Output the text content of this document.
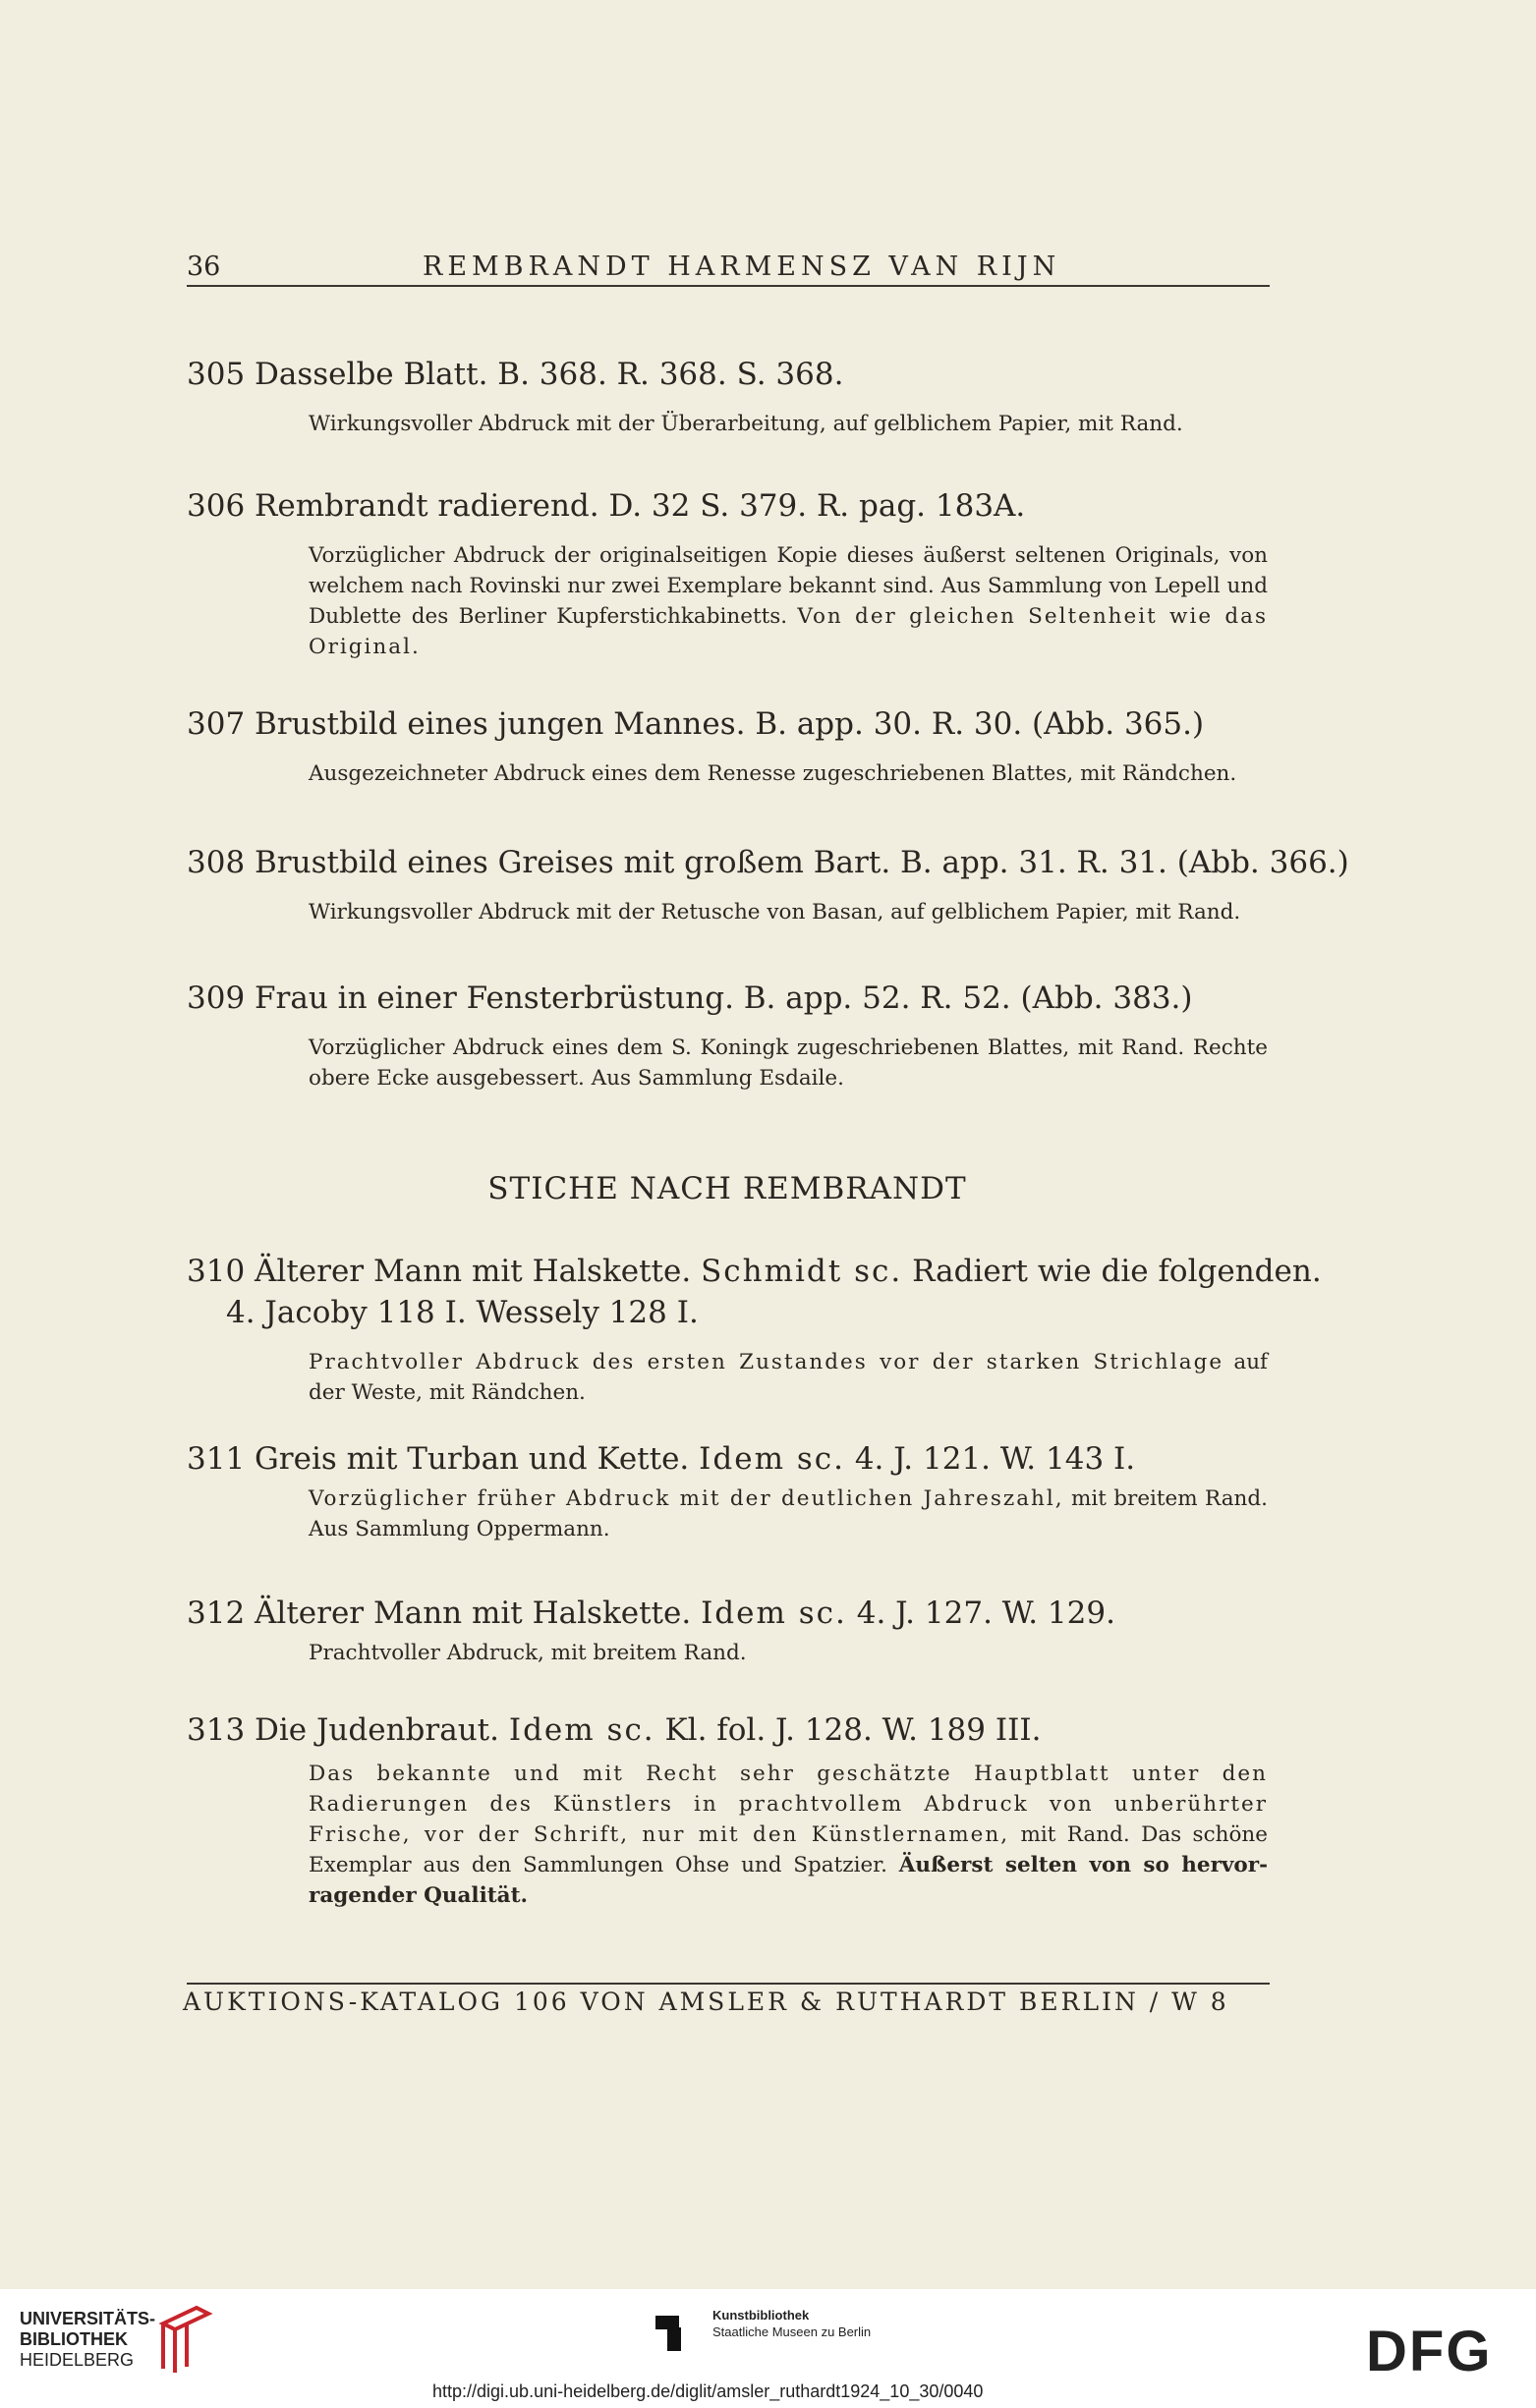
36	REMBRANDT HARMENSZ VAN RIJN
305 Dasselbe Blatt. B. 368. R. 368. S. 368.
Wirkungsvoller Abdruck mit der Überarbeitung, auf gelblichem Papier, mit Rand.
306 Rembrandt radierend. D. 32 S. 379. R. pag. 183A.
Vorzüglicher Abdruck der originalseitigen Kopie dieses äußerst seltenen Originals, von welchem nach Rovinski nur zwei Exemplare bekannt sind. Aus Sammlung von Lepell und Dublette des Berliner Kupferstichkabinetts. Von der gleichen Seltenheit wie das Original.
307 Brustbild eines jungen Mannes. B. app. 30. R. 30. (Abb. 365.)
Ausgezeichneter Abdruck eines dem Renesse zugeschriebenen Blattes, mit Rändchen.
308 Brustbild eines Greises mit großem Bart. B. app. 31. R. 31. (Abb. 366.)
Wirkungsvoller Abdruck mit der Retusche von Basan, auf gelblichem Papier, mit Rand.
309 Frau in einer Fensterbrüstung. B. app. 52. R. 52. (Abb. 383.)
Vorzüglicher Abdruck eines dem S. Koningk zugeschriebenen Blattes, mit Rand. Rechte obere Ecke ausgebessert. Aus Sammlung Esdaile.
STICHE NACH REMBRANDT
310 Älterer Mann mit Halskette. Schmidt sc. Radiert wie die folgenden.
4. Jacoby 118 I. Wessely 128 I.
Prachtvoller Abdruck des ersten Zustandes vor der starken Strichlage auf der Weste, mit Rändchen.
311 Greis mit Turban und Kette. Idem sc. 4. J. 121. W. 143 I.
Vorzüglicher früher Abdruck mit der deutlichen Jahreszahl, mit breitem Rand. Aus Sammlung Oppermann.
312 Älterer Mann mit Halskette. Idem sc. 4. J. 127. W. 129.
Prachtvoller Abdruck, mit breitem Rand.
313 Die Judenbraut. Idem sc. Kl. fol. J. 128. W. 189 III.
Das bekannte und mit Recht sehr geschätzte Hauptblatt unter den Radierungen des Künstlers in prachtvollem Abdruck von unberührter Frische, vor der Schrift, nur mit den Künstlernamen, mit Rand. Das schöne Exemplar aus den Sammlungen Ohse und Spatzier. Äußerst selten von so hervorragender Qualität.
AUKTIONS-KATALOG 106 VON AMSLER & RUTHARDT BERLIN / W 8
UNIVERSITÄTS-
BIBLIOTHEK
HEIDELBERG
Kunstbibliothek
Staatliche Museen zu Berlin	DFG
http://digi.ub.uni-heidelberg.de/diglit/amsler_ruthardt1924_10_30/0040
